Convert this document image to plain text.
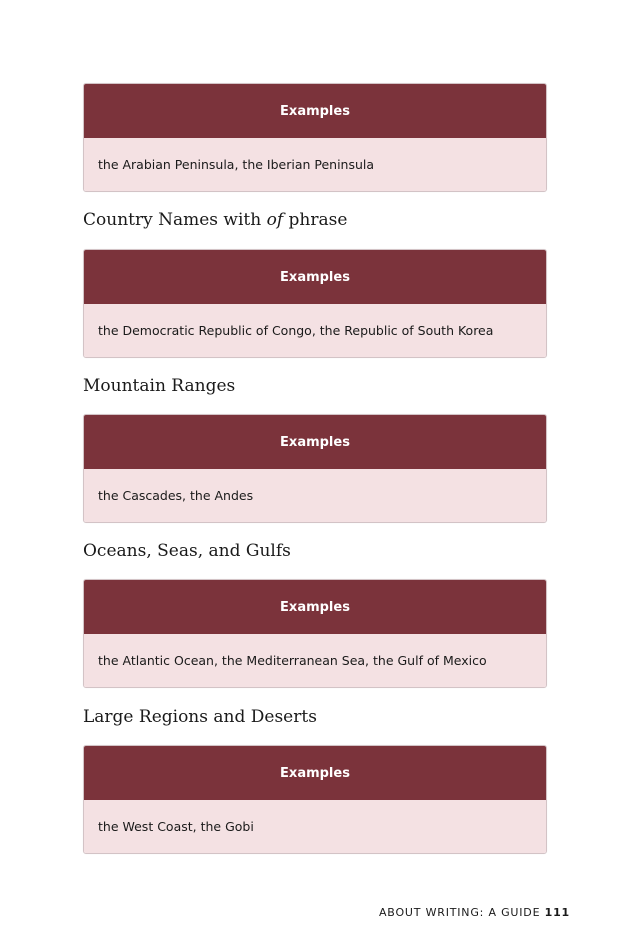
Examples
the Arabian Peninsula, the Iberian Peninsula
Country Names with of phrase
Examples
the Democratic Republic of Congo, the Republic of South Korea
Mountain Ranges
Examples
the Cascades, the Andes
Oceans, Seas, and Gulfs
Examples
the Atlantic Ocean, the Mediterranean Sea, the Gulf of Mexico
Large Regions and Deserts
Examples
the West Coast, the Gobi
ABOUT WRITING: A GUIDE 111
